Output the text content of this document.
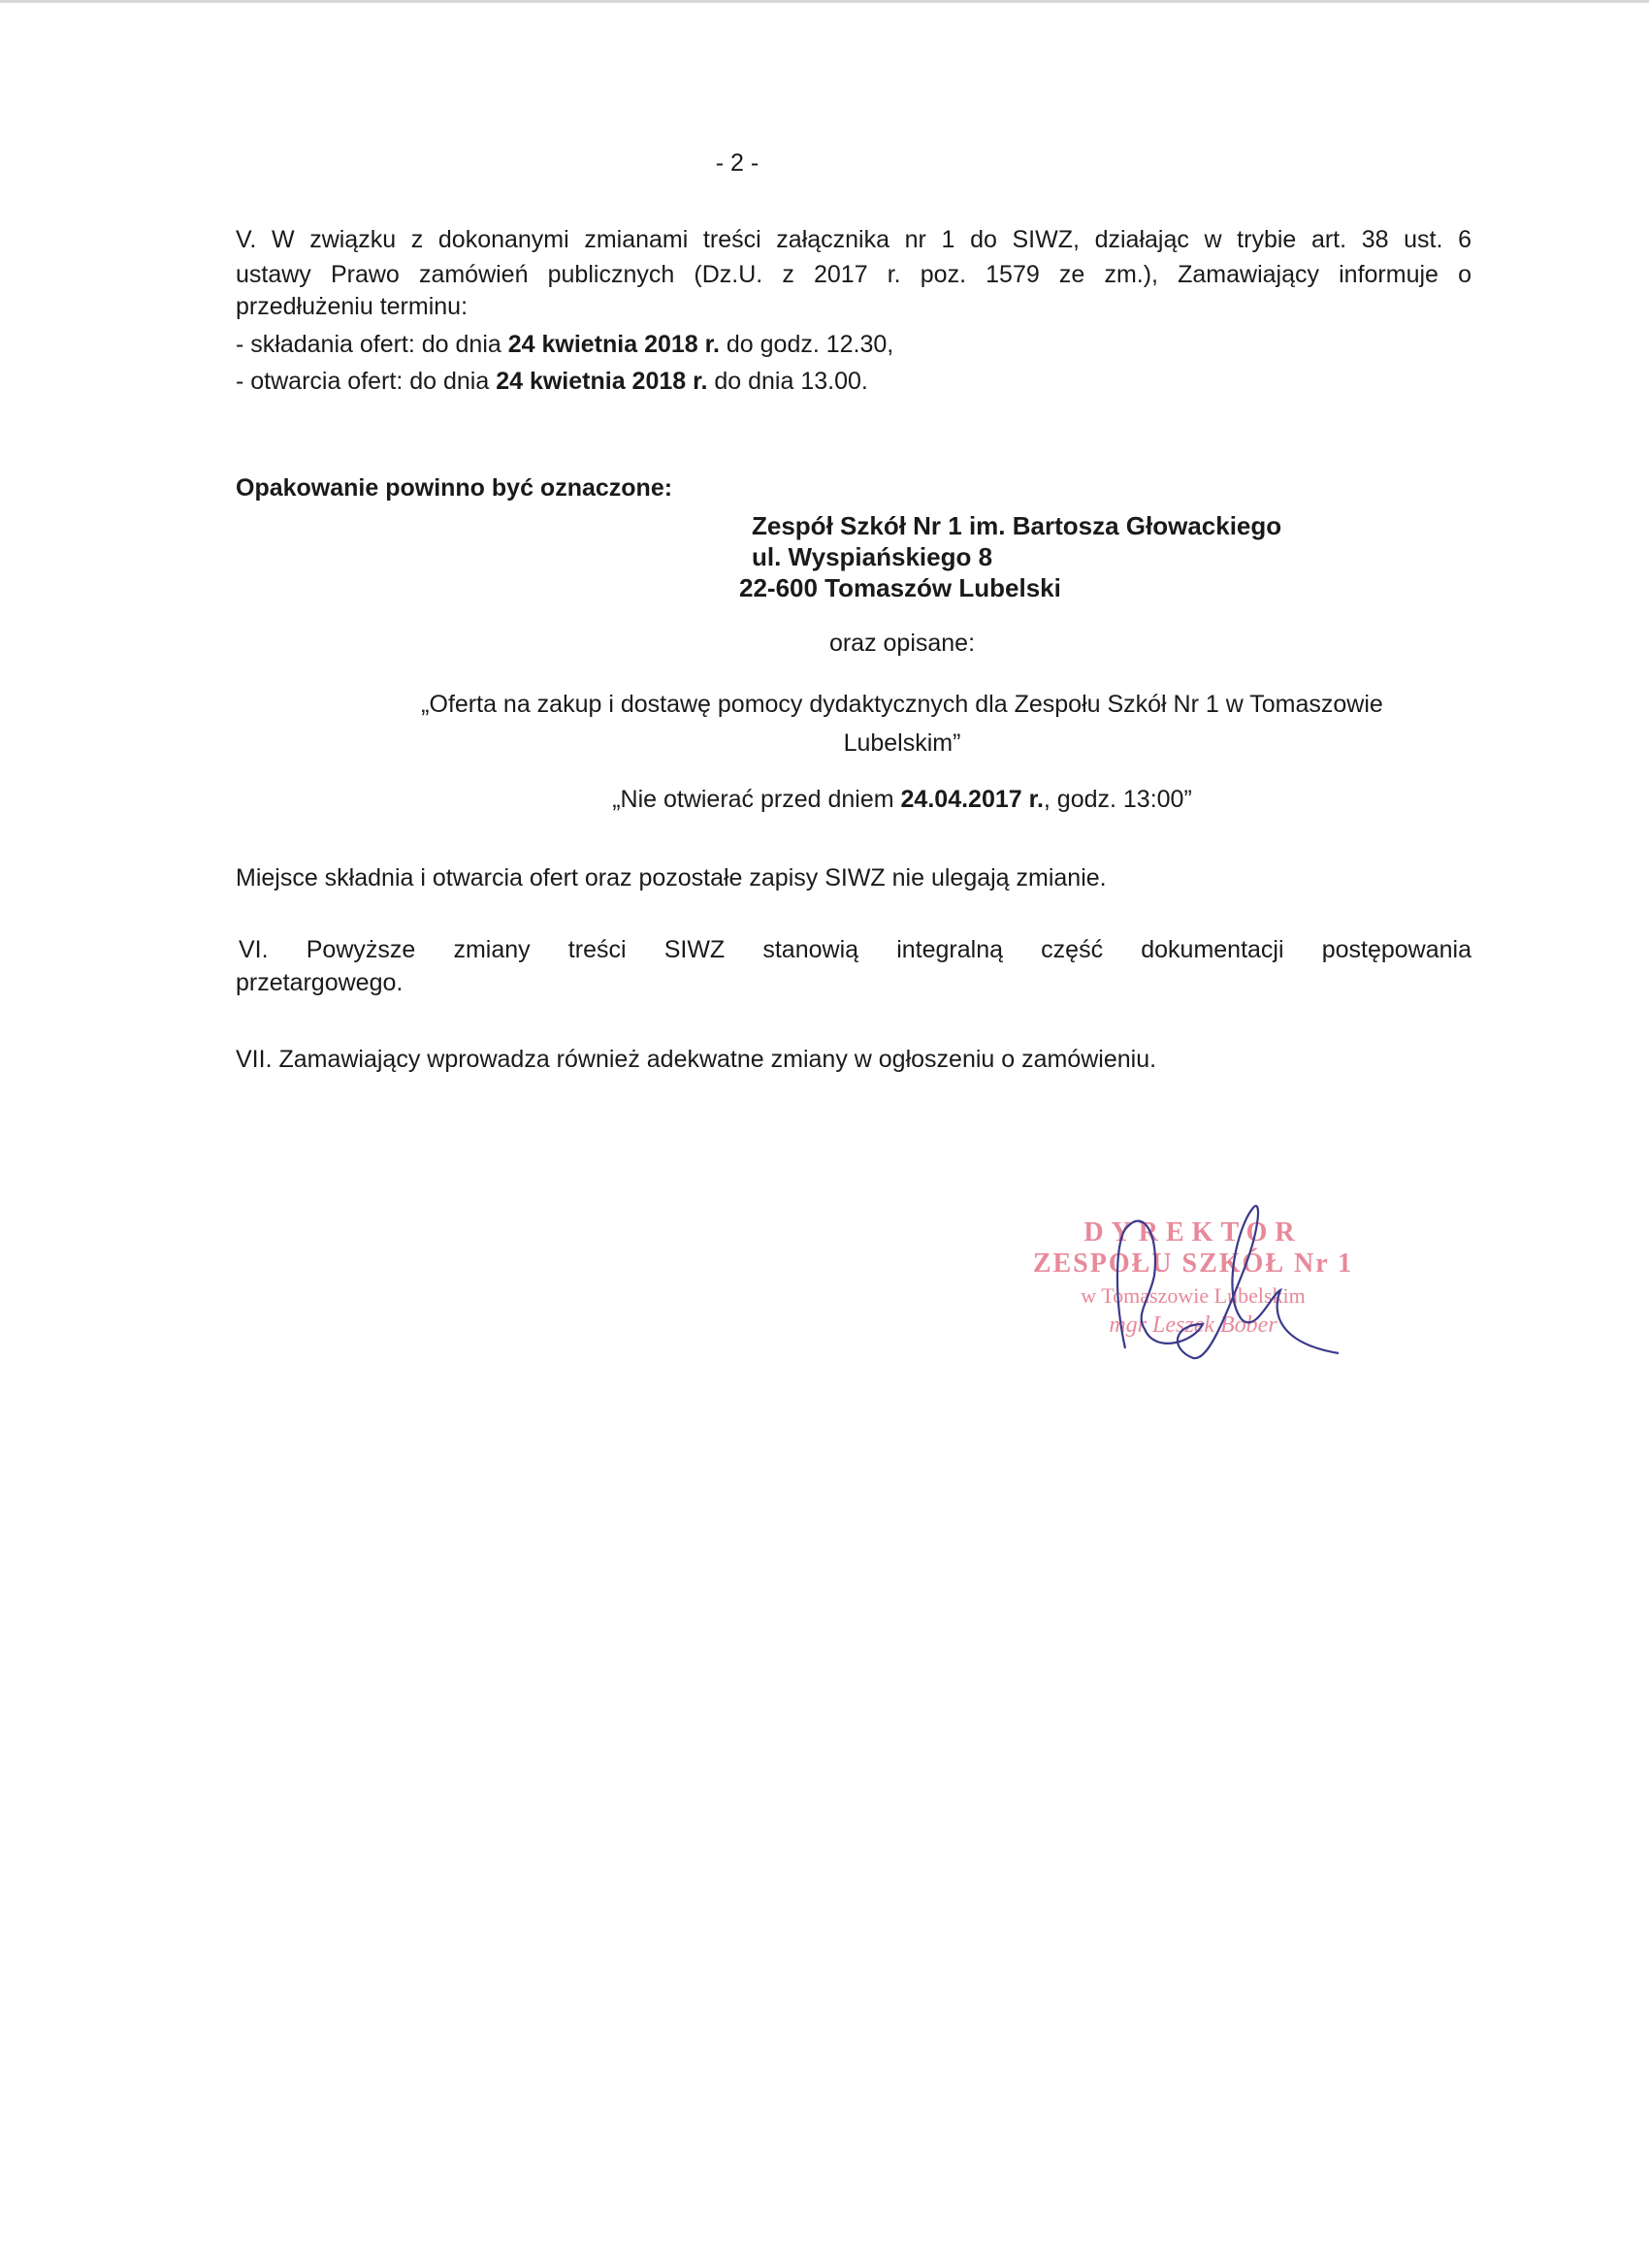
- 2 -
V. W związku z dokonanymi zmianami treści załącznika nr 1 do SIWZ, działając w trybie art. 38 ust. 6
ustawy Prawo zamówień publicznych (Dz.U. z 2017 r. poz. 1579 ze zm.), Zamawiający informuje o
przedłużeniu terminu:
- składania ofert: do dnia 24 kwietnia 2018 r. do godz. 12.30,
- otwarcia ofert: do dnia 24 kwietnia 2018 r. do dnia 13.00.
Opakowanie powinno być oznaczone:
Zespół Szkół Nr 1 im. Bartosza Głowackiego
ul. Wyspiańskiego 8
22-600 Tomaszów Lubelski
oraz opisane:
„Oferta na zakup i dostawę pomocy dydaktycznych dla Zespołu Szkół Nr 1 w Tomaszowie
Lubelskim”
„Nie otwierać przed dniem 24.04.2017 r., godz. 13:00”
Miejsce składnia i otwarcia ofert oraz pozostałe zapisy SIWZ nie ulegają zmianie.
VI. Powyższe zmiany treści SIWZ stanowią integralną część dokumentacji postępowania
przetargowego.
VII. Zamawiający wprowadza również adekwatne zmiany w ogłoszeniu o zamówieniu.
DYREKTOR
ZESPOŁU SZKÓŁ Nr 1
w Tomaszowie Lubelskim
mgr Leszek Bober
